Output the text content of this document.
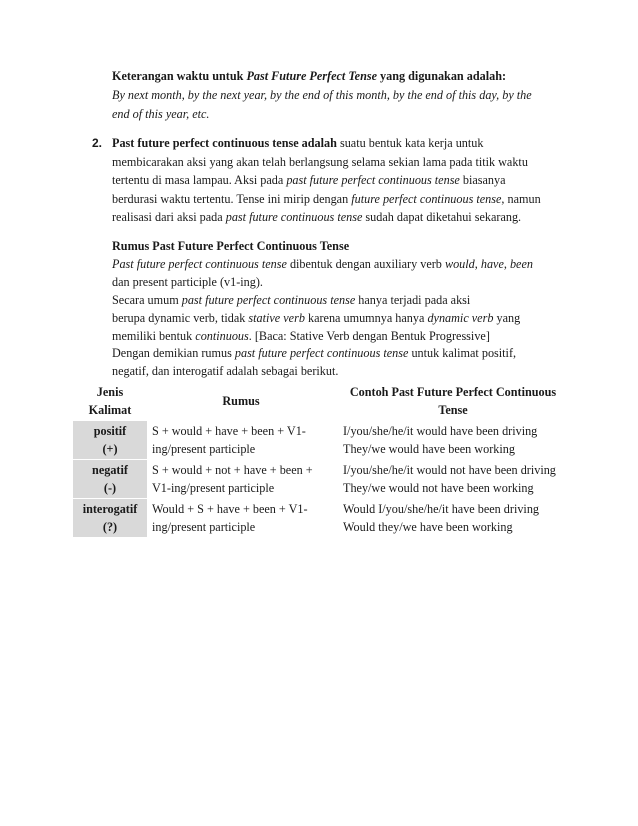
Keterangan waktu untuk Past Future Perfect Tense yang digunakan adalah:
By next month, by the next year, by the end of this month, by the end of this day, by the
end of this year, etc.
2. Past future perfect continuous tense adalah suatu bentuk kata kerja untuk
membicarakan aksi yang akan telah berlangsung selama sekian lama pada titik waktu
tertentu di masa lampau. Aksi pada past future perfect continuous tense biasanya
berdurasi waktu tertentu. Tense ini mirip dengan future perfect continuous tense, namun
realisasi dari aksi pada past future continuous tense sudah dapat diketahui sekarang.
Rumus Past Future Perfect Continuous Tense
Past future perfect continuous tense dibentuk dengan auxiliary verb would, have, been
dan present participle (v1-ing).
Secara umum past future perfect continuous tense hanya terjadi pada aksi
berupa dynamic verb, tidak stative verb karena umumnya hanya dynamic verb yang
memiliki bentuk continuous. [Baca: Stative Verb dengan Bentuk Progressive]
Dengan demikian rumus past future perfect continuous tense untuk kalimat positif,
negatif, dan interogatif adalah sebagai berikut.
Jenis Kalimat	Rumus	Contoh Past Future Perfect Continuous Tense

positif
(+)	S + would + have + been + V1-ing/present participle	I/you/she/he/it would have been driving
They/we would have been working

negatif
(-)	S + would + not + have + been + V1-ing/present participle	I/you/she/he/it would not have been driving
They/we would not have been working

interogatif
(?)	Would + S + have + been + V1-ing/present participle	Would I/you/she/he/it have been driving
Would they/we have been working
